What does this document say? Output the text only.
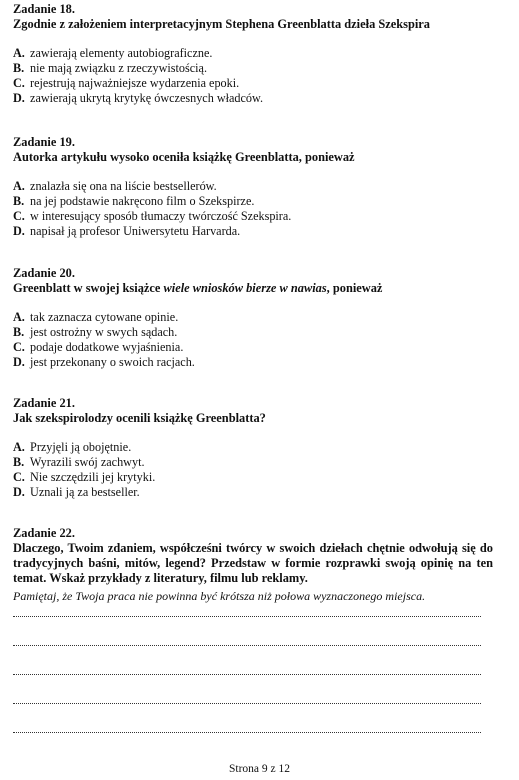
Zadanie 18.
Zgodnie z założeniem interpretacyjnym Stephena Greenblatta dzieła Szekspira
A. zawierają elementy autobiograficzne.
B. nie mają związku z rzeczywistością.
C. rejestrują najważniejsze wydarzenia epoki.
D. zawierają ukrytą krytykę ówczesnych władców.
Zadanie 19.
Autorka artykułu wysoko oceniła książkę Greenblatta, ponieważ
A. znalazła się ona na liście bestsellerów.
B. na jej podstawie nakręcono film o Szekspirze.
C. w interesujący sposób tłumaczy twórczość Szekspira.
D. napisał ją profesor Uniwersytetu Harvarda.
Zadanie 20.
Greenblatt w swojej książce wiele wniosków bierze w nawias, ponieważ
A. tak zaznacza cytowane opinie.
B. jest ostrożny w swych sądach.
C. podaje dodatkowe wyjaśnienia.
D. jest przekonany o swoich racjach.
Zadanie 21.
Jak szekspirolodzy ocenili książkę Greenblatta?
A. Przyjęli ją obojętnie.
B. Wyrazili swój zachwyt.
C. Nie szczędzili jej krytyki.
D. Uznali ją za bestseller.
Zadanie 22.
Dlaczego, Twoim zdaniem, współcześni twórcy w swoich dziełach chętnie odwołują się do tradycyjnych baśni, mitów, legend? Przedstaw w formie rozprawki swoją opinię na ten temat. Wskaż przykłady z literatury, filmu lub reklamy.
Pamiętaj, że Twoja praca nie powinna być krótsza niż połowa wyznaczonego miejsca.
Strona 9 z 12
